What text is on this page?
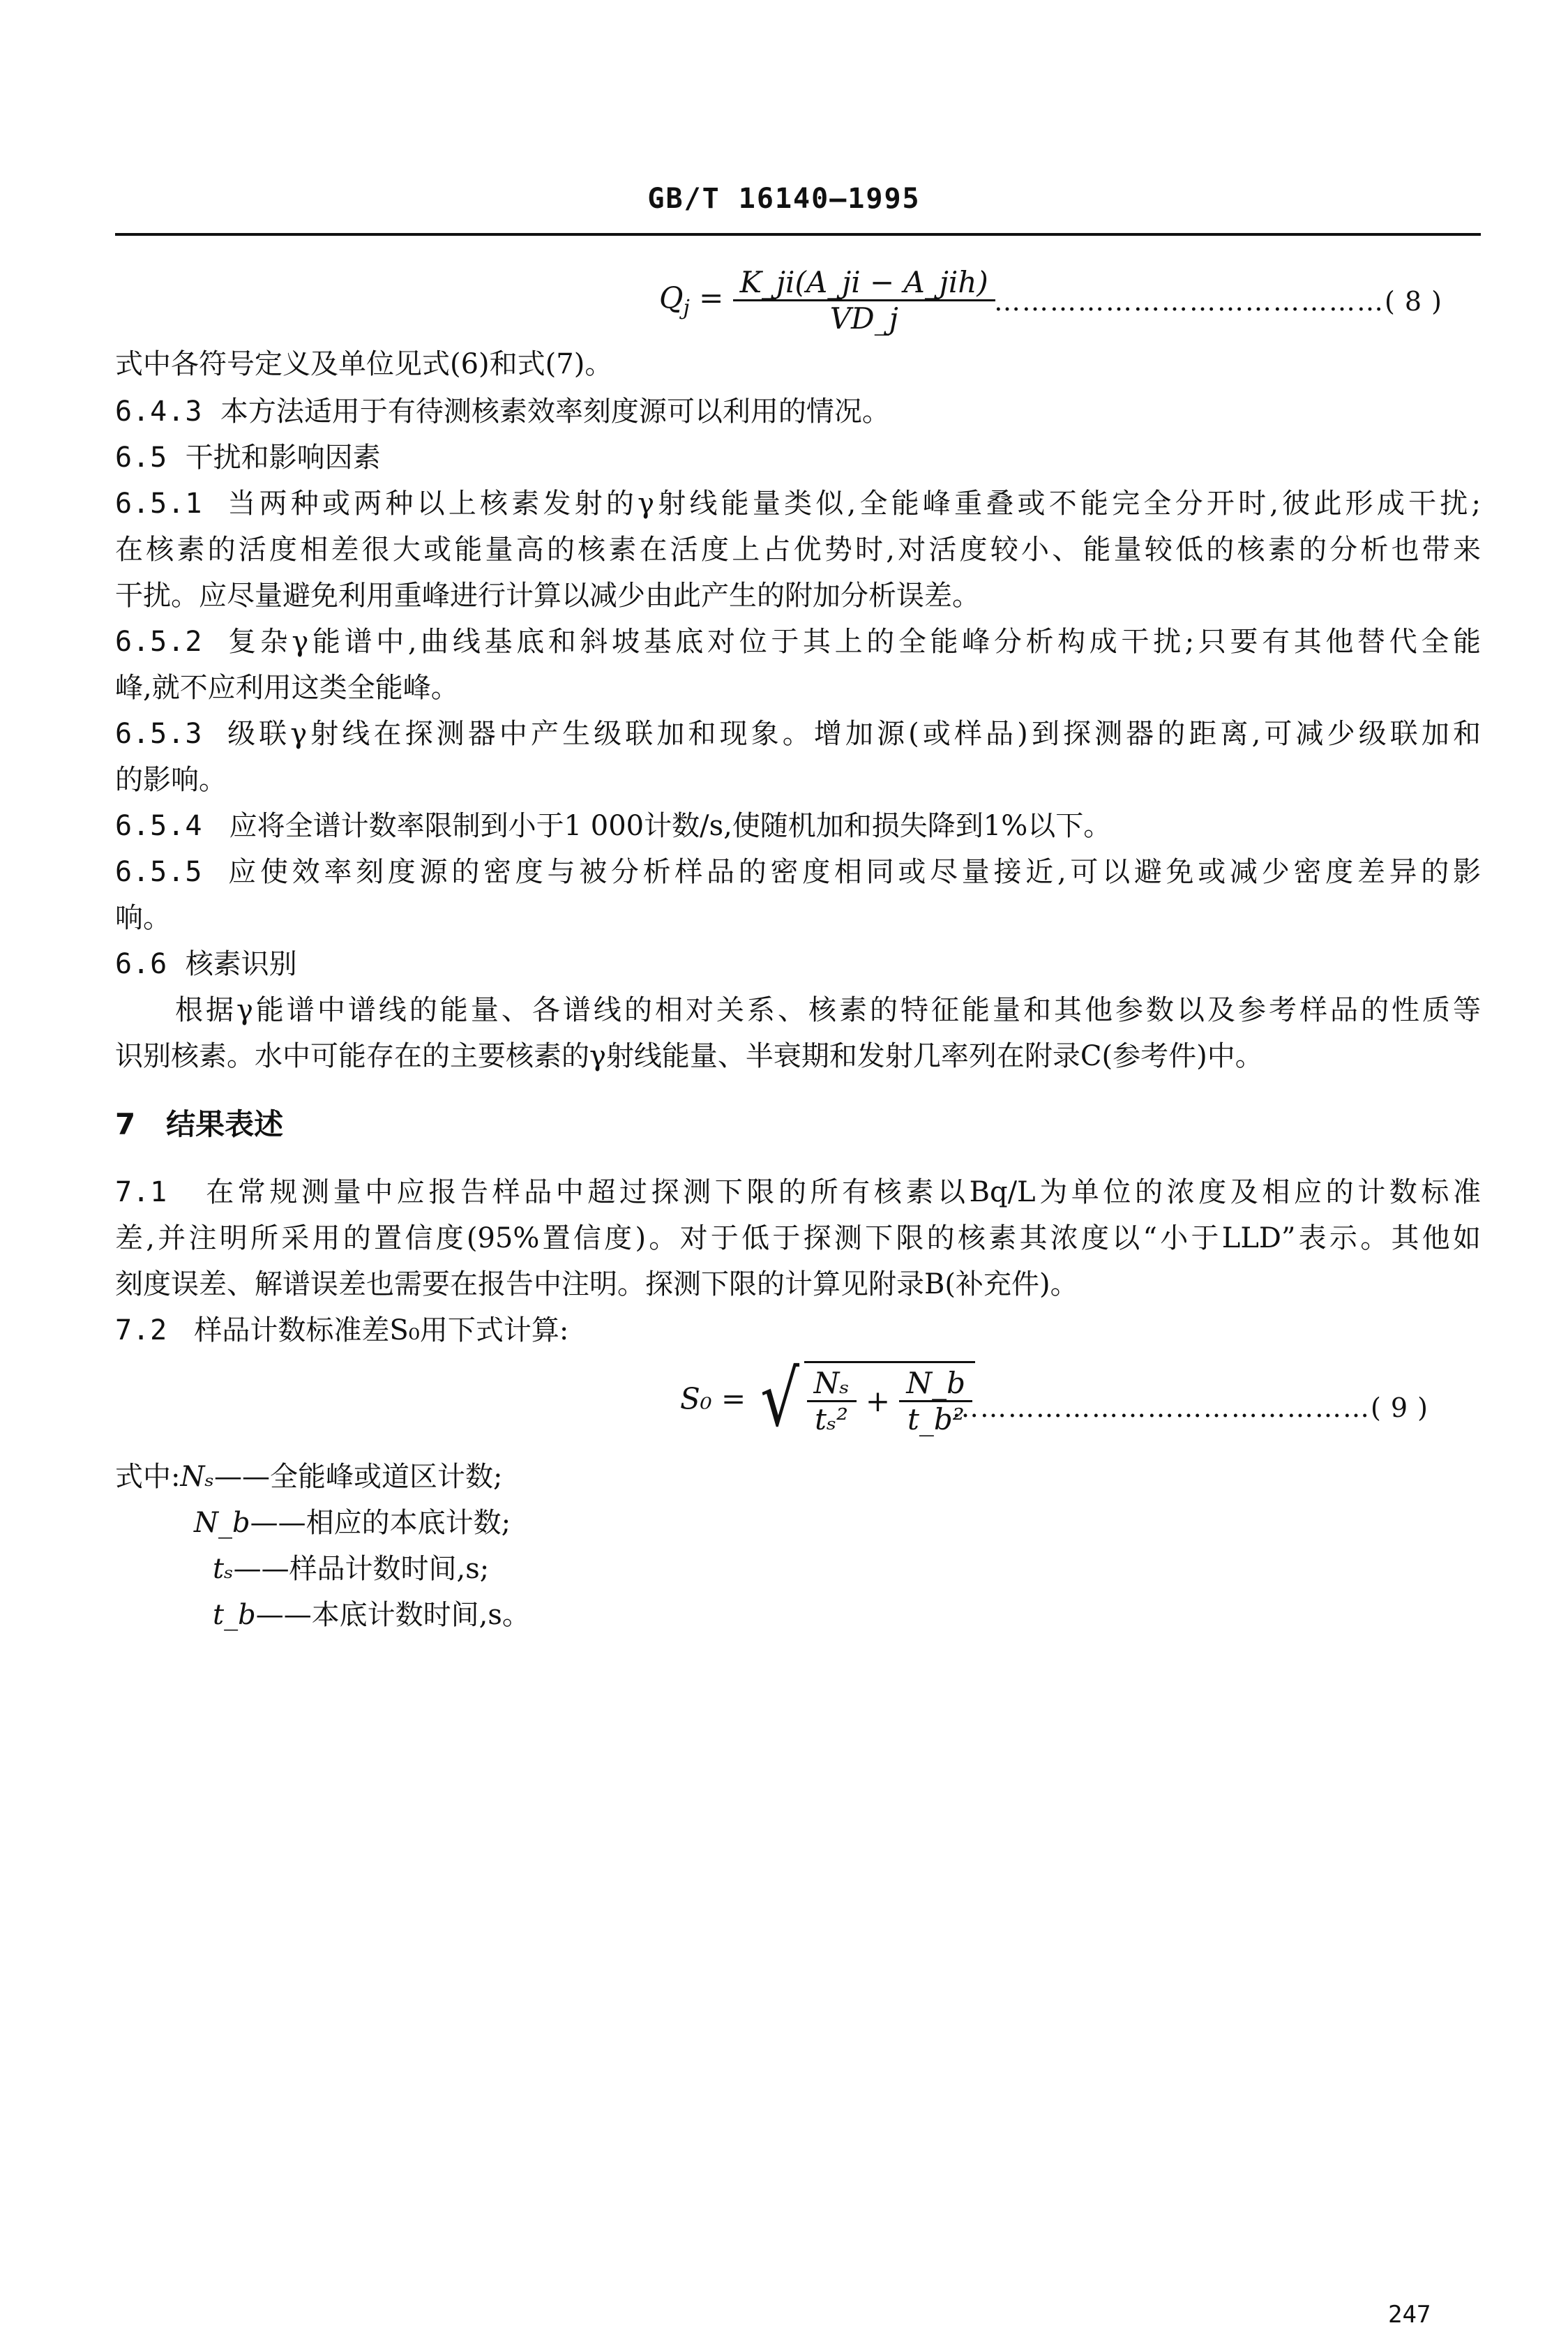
GB/T 16140—1995
$Q_j = \frac{\text{K\_ji(A\_ji − A\_jih)}}{VD\_j}$
……………………………………( 8 )
式中各符号定义及单位见式(6)和式(7)。
6.4.3 本方法适用于有待测核素效率刻度源可以利用的情况。
6.5 干扰和影响因素
6.5.1 当两种或两种以上核素发射的γ射线能量类似,全能峰重叠或不能完全分开时,彼此形成干扰;
在核素的活度相差很大或能量高的核素在活度上占优势时,对活度较小、能量较低的核素的分析也带来
干扰。应尽量避免利用重峰进行计算以减少由此产生的附加分析误差。
6.5.2 复杂γ能谱中,曲线基底和斜坡基底对位于其上的全能峰分析构成干扰;只要有其他替代全能
峰,就不应利用这类全能峰。
6.5.3 级联γ射线在探测器中产生级联加和现象。增加源(或样品)到探测器的距离,可减少级联加和
的影响。
6.5.4 应将全谱计数率限制到小于1 000计数/s,使随机加和损失降到1%以下。
6.5.5 应使效率刻度源的密度与被分析样品的密度相同或尽量接近,可以避免或减少密度差异的影
响。
6.6 核素识别
根据γ能谱中谱线的能量、各谱线的相对关系、核素的特征能量和其他参数以及参考样品的性质等
识别核素。水中可能存在的主要核素的γ射线能量、半衰期和发射几率列在附录C(参考件)中。
7 结果表述
7.1 在常规测量中应报告样品中超过探测下限的所有核素以Bq/L为单位的浓度及相应的计数标准
差,并注明所采用的置信度(95%置信度)。对于低于探测下限的核素其浓度以“小于LLD”表示。其他如
刻度误差、解谱误差也需要在报告中注明。探测下限的计算见附录B(补充件)。
7.2 样品计数标准差S₀用下式计算:
S₀ = √ $\frac{\text{Nₛ}}{\text{tₛ²}} + \frac{N\_b}{\text{t\_b²}}$
………………………………………( 9 )
式中:Nₛ——全能峰或道区计数;
N_b——相应的本底计数;
tₛ——样品计数时间,s;
t_b——本底计数时间,s。
247
